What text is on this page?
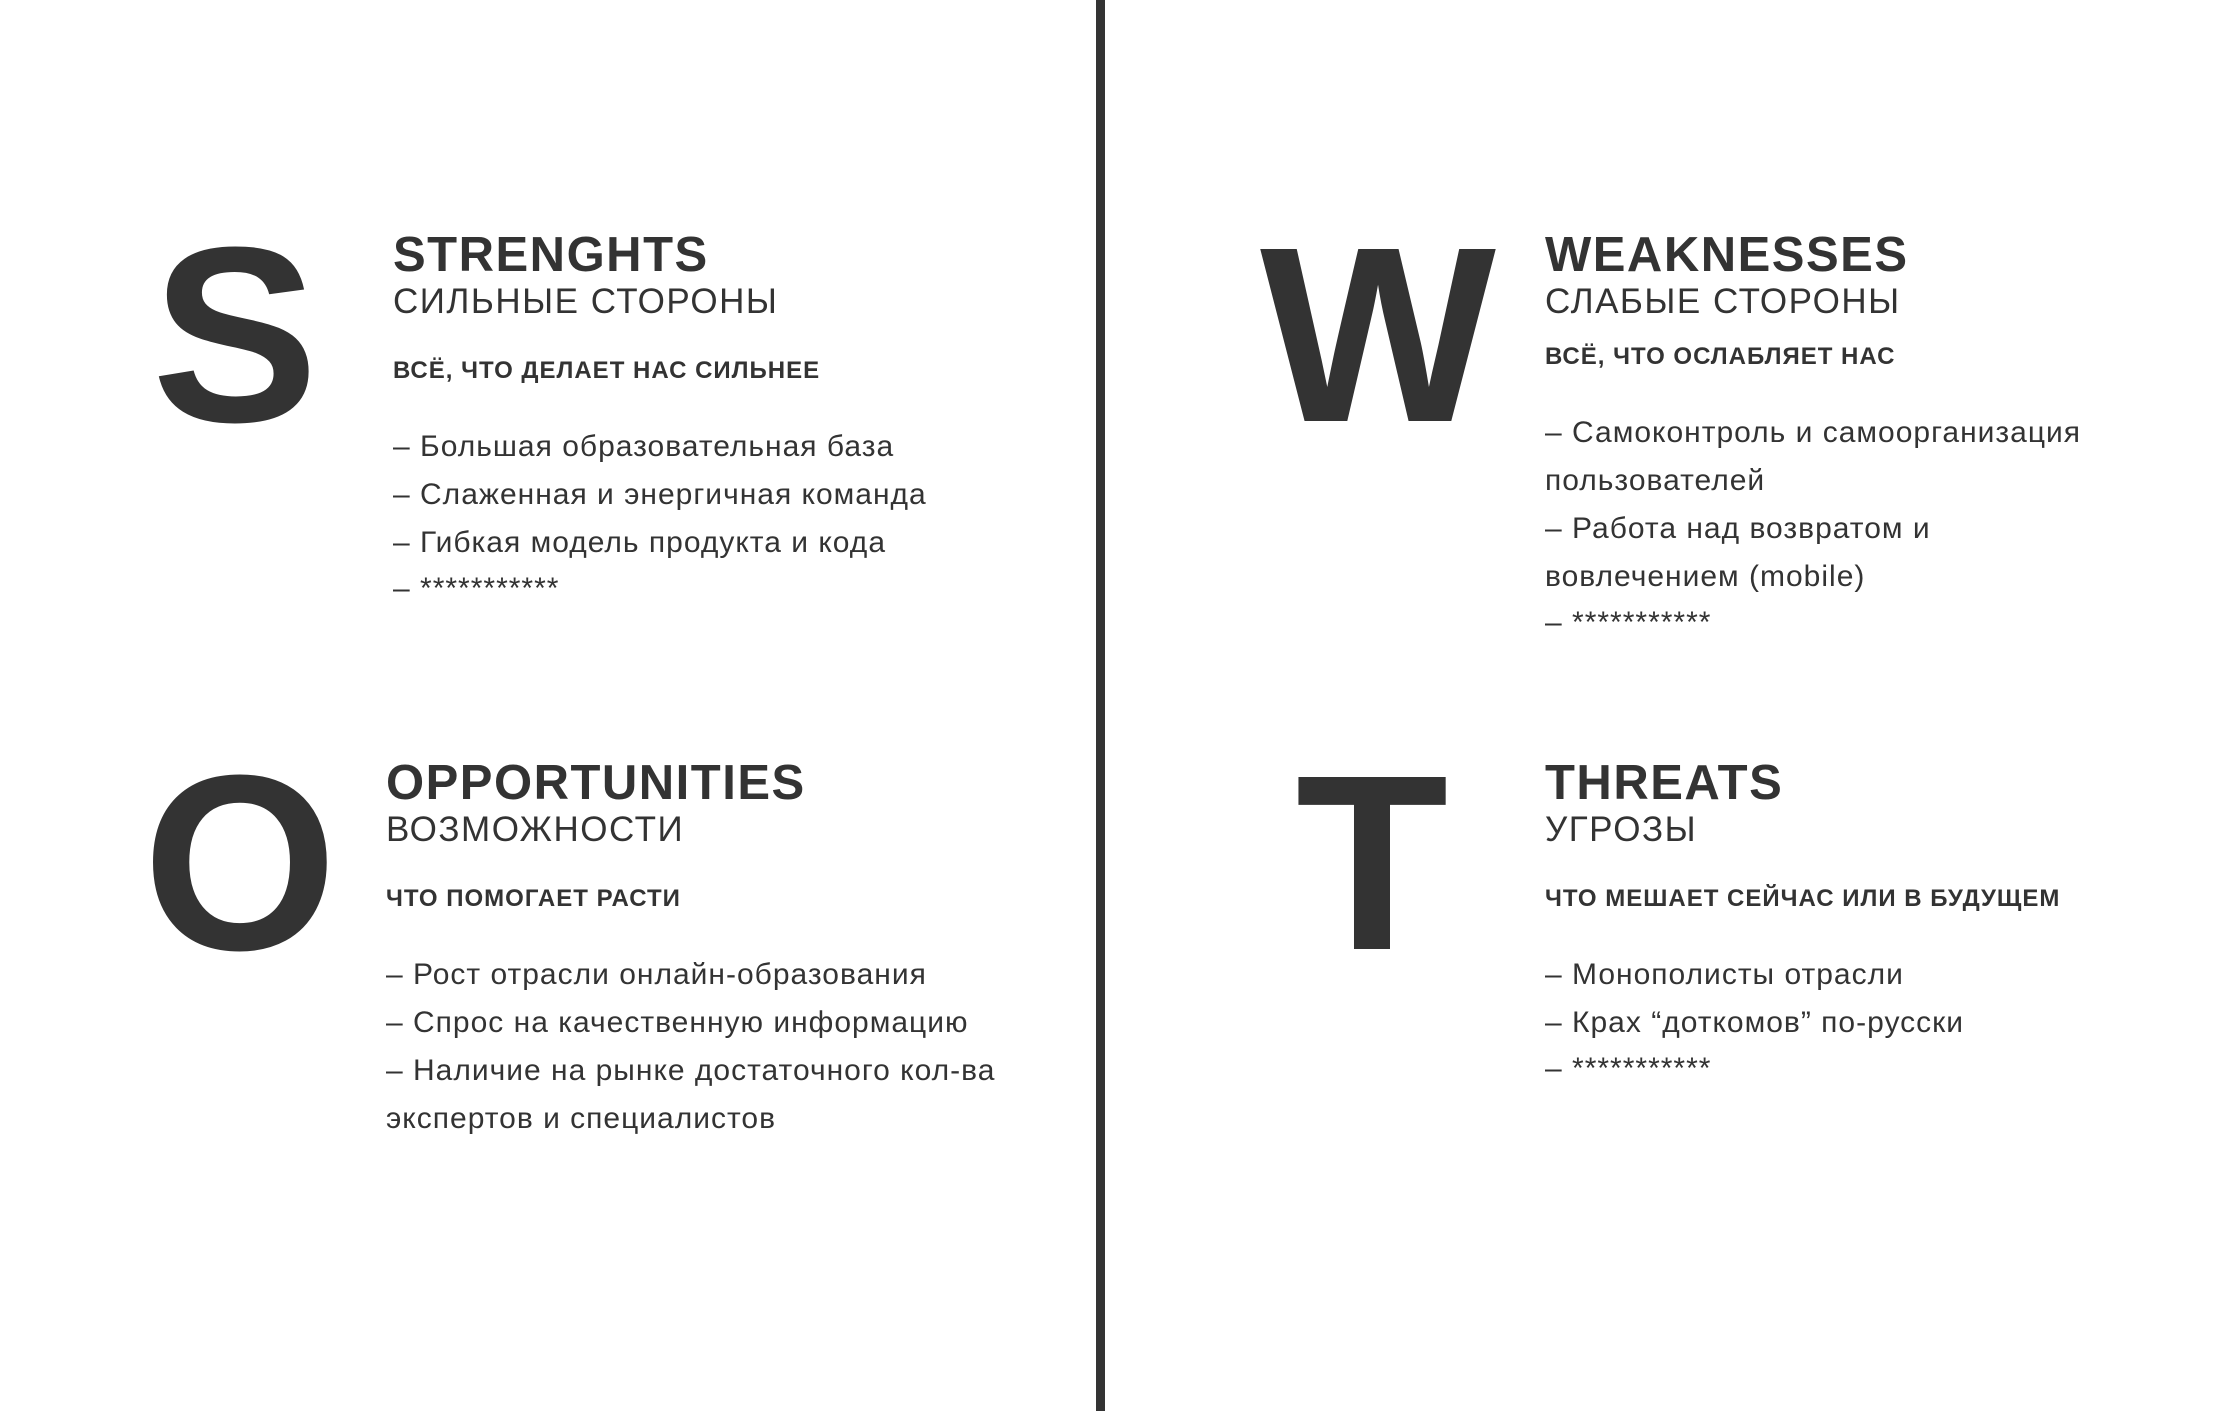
S STRENGHTS
СИЛЬНЫЕ СТОРОНЫ
ВСЁ, ЧТО ДЕЛАЕТ НАС СИЛЬНЕЕ
– Большая образовательная база
– Слаженная и энергичная команда
– Гибкая модель продукта и кода
– ***********
W WEAKNESSES
СЛАБЫЕ СТОРОНЫ
ВСЁ, ЧТО ОСЛАБЛЯЕТ НАС
– Самоконтроль и самоорганизация
пользователей
– Работа над возвратом и
вовлечением (mobile)
– ***********
O OPPORTUNITIES
ВОЗМОЖНОСТИ
ЧТО ПОМОГАЕТ РАСТИ
– Рост отрасли онлайн-образования
– Спрос на качественную информацию
– Наличие на рынке достаточного кол-ва
экспертов и специалистов
T	THREATS
УГРОЗЫ
ЧТО МЕШАЕТ СЕЙЧАС ИЛИ В БУДУЩЕМ
– Монополисты отрасли
– Крах “доткомов” по-русски
– ***********
